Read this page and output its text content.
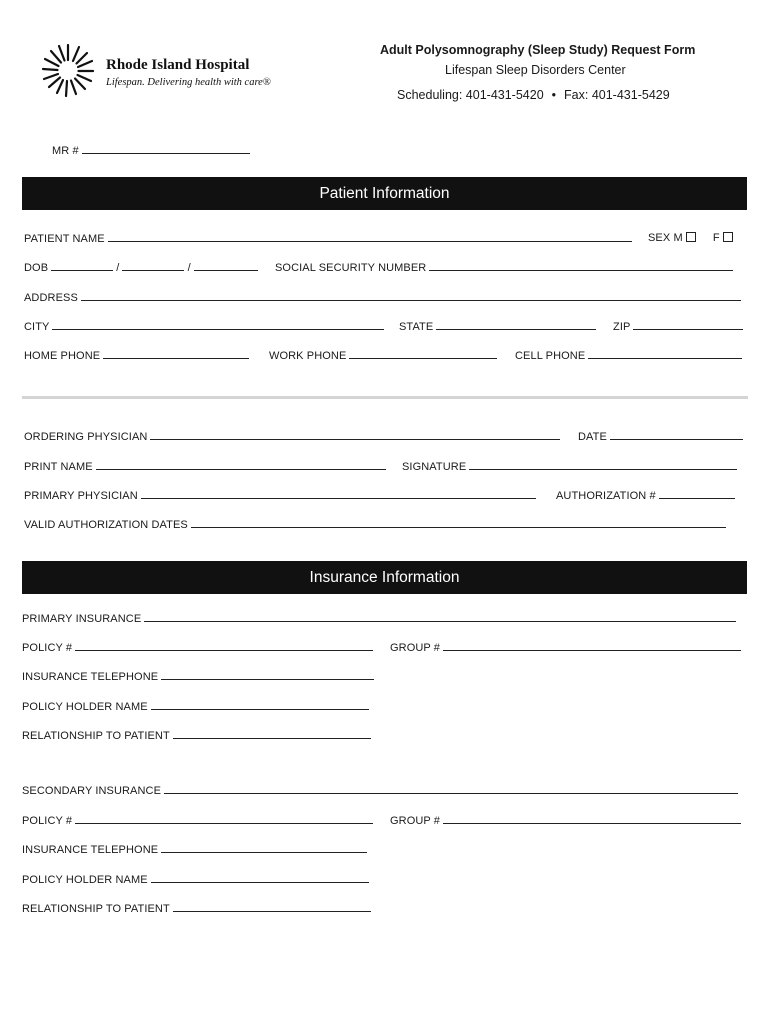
Rhode Island Hospital
Lifespan. Delivering health with care®
Adult Polysomnography (Sleep Study) Request Form
Lifespan Sleep Disorders Center
Scheduling: 401-431-5420 • Fax: 401-431-5429
MR #
Patient Information
PATIENT NAME	SEX M	F
DOB	/	/	SOCIAL SECURITY NUMBER
ADDRESS
CITY	STATE	ZIP
HOME PHONE	WORK PHONE	CELL PHONE
ORDERING PHYSICIAN	DATE
PRINT NAME	SIGNATURE
PRIMARY PHYSICIAN	AUTHORIZATION #
VALID AUTHORIZATION DATES
Insurance Information
PRIMARY INSURANCE
POLICY #	GROUP #
INSURANCE TELEPHONE
POLICY HOLDER NAME
RELATIONSHIP TO PATIENT
SECONDARY INSURANCE
POLICY #	GROUP #
INSURANCE TELEPHONE
POLICY HOLDER NAME
RELATIONSHIP TO PATIENT
